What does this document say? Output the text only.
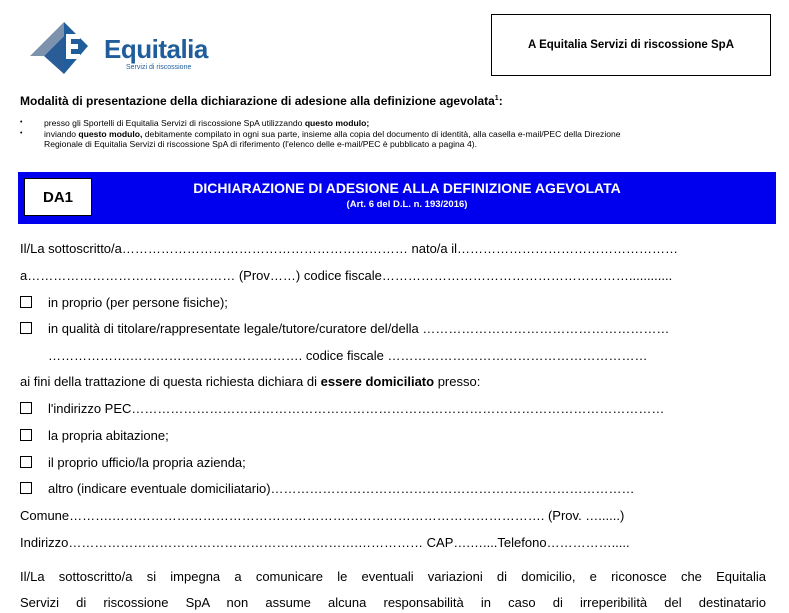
Equitalia
Servizi di riscossione
A Equitalia Servizi di riscossione SpA
Modalità di presentazione della dichiarazione di adesione alla definizione agevolata$^1$:
•	presso gli Sportelli di Equitalia Servizi di riscossione SpA utilizzando questo modulo;
•	inviando questo modulo, debitamente compilato in ogni sua parte, insieme alla copia del documento di identità, alla casella e-mail/PEC della Direzione
Regionale di Equitalia Servizi di riscossione SpA di riferimento (l'elenco delle e-mail/PEC è pubblicato a pagina 4).
DA1
DICHIARAZIONE DI ADESIONE ALLA DEFINIZIONE AGEVOLATA
(Art. 6 del D.L. n. 193/2016)
Il/La sottoscritto/a………………………………………………………… nato/a il……………………………………………
a………………………………………… (Prov……) codice fiscale…………………………………………………............
in proprio (per persone fisiche);
in qualità di titolare/rappresentate legale/tutore/curatore del/della …………………………………………………
……………….…………………………………. codice fiscale ……………………………………………………
ai fini della trattazione di questa richiesta dichiara di essere domiciliato presso:
l'indirizzo PEC……………………………………………………………………………………………………………
la propria abitazione;
il proprio ufficio/la propria azienda;
altro (indicare eventuale domiciliatario)…………………………………………………………………………
Comune……….………………………………………………………………………………………. (Prov. …......)
Indirizzo………………………………………………………….…………… CAP….…....Telefono…………….....
Il/La sottoscritto/a si impegna a comunicare le eventuali variazioni di domicilio, e riconosce che Equitalia
Servizi di riscossione SpA non assume alcuna responsabilità in caso di irreperibilità del destinatario
